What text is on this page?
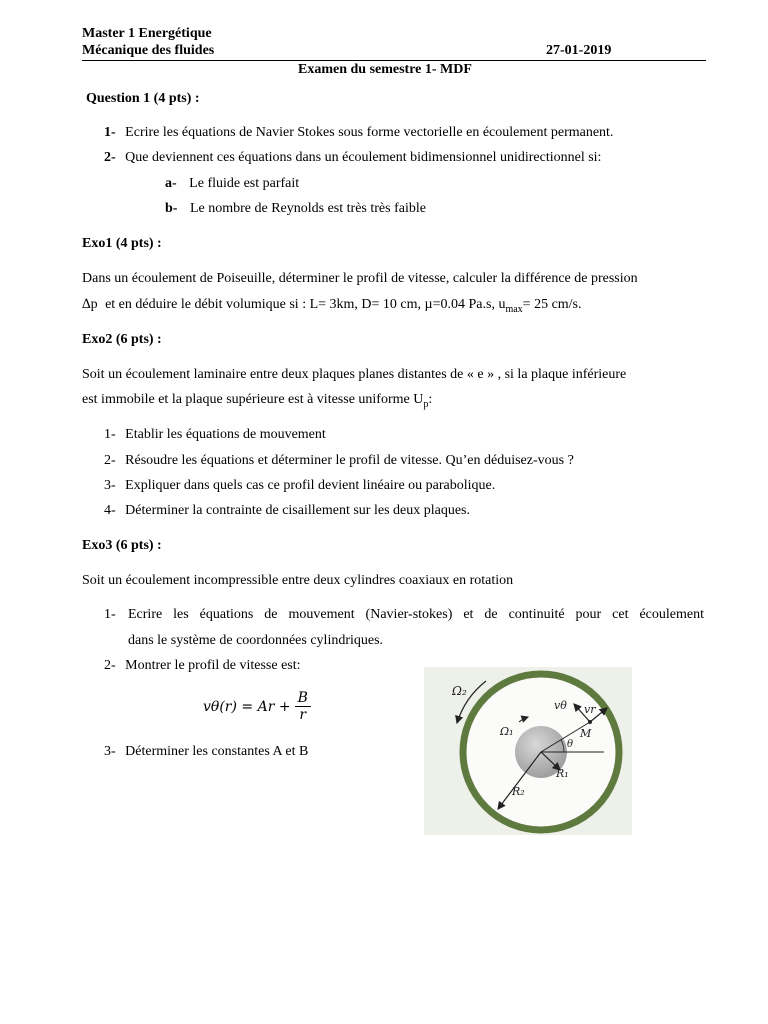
Master 1 Energétique
Mécanique des fluides	27-01-2019
Examen du semestre 1- MDF
Question 1 (4 pts) :
1- Ecrire les équations de Navier Stokes sous forme vectorielle en écoulement permanent.
2- Que deviennent ces équations dans un écoulement bidimensionnel unidirectionnel si:
a- Le fluide est parfait
b- Le nombre de Reynolds est très très faible
Exo1 (4 pts) :
Dans un écoulement de Poiseuille, déterminer le profil de vitesse, calculer la différence de pression
∆p et en déduire le débit volumique si : L= 3km, D= 10 cm, µ=0.04 Pa.s, $u_{max}= 25$ cm/s.
Exo2 (6 pts) :
Soit un écoulement laminaire entre deux plaques planes distantes de « e » , si la plaque inférieure
est immobile et la plaque supérieure est à vitesse uniforme $U_p$:
1- Etablir les équations de mouvement
2- Résoudre les équations et déterminer le profil de vitesse. Qu’en déduisez-vous ?
3- Expliquer dans quels cas ce profil devient linéaire ou parabolique.
4- Déterminer la contrainte de cisaillement sur les deux plaques.
Exo3 (6 pts) :
Soit un écoulement incompressible entre deux cylindres coaxiaux en rotation
1- Ecrire les équations de mouvement (Navier-stokes) et de continuité pour cet écoulement
dans le système de coordonnées cylindriques.
2- Montrer le profil de vitesse est:
$v\theta(r) = Ar + \frac{B}{r}$
3- Déterminer les constantes A et B
Ω₂
Ω₁
vθ vr
M
θ
R₁
R₂
